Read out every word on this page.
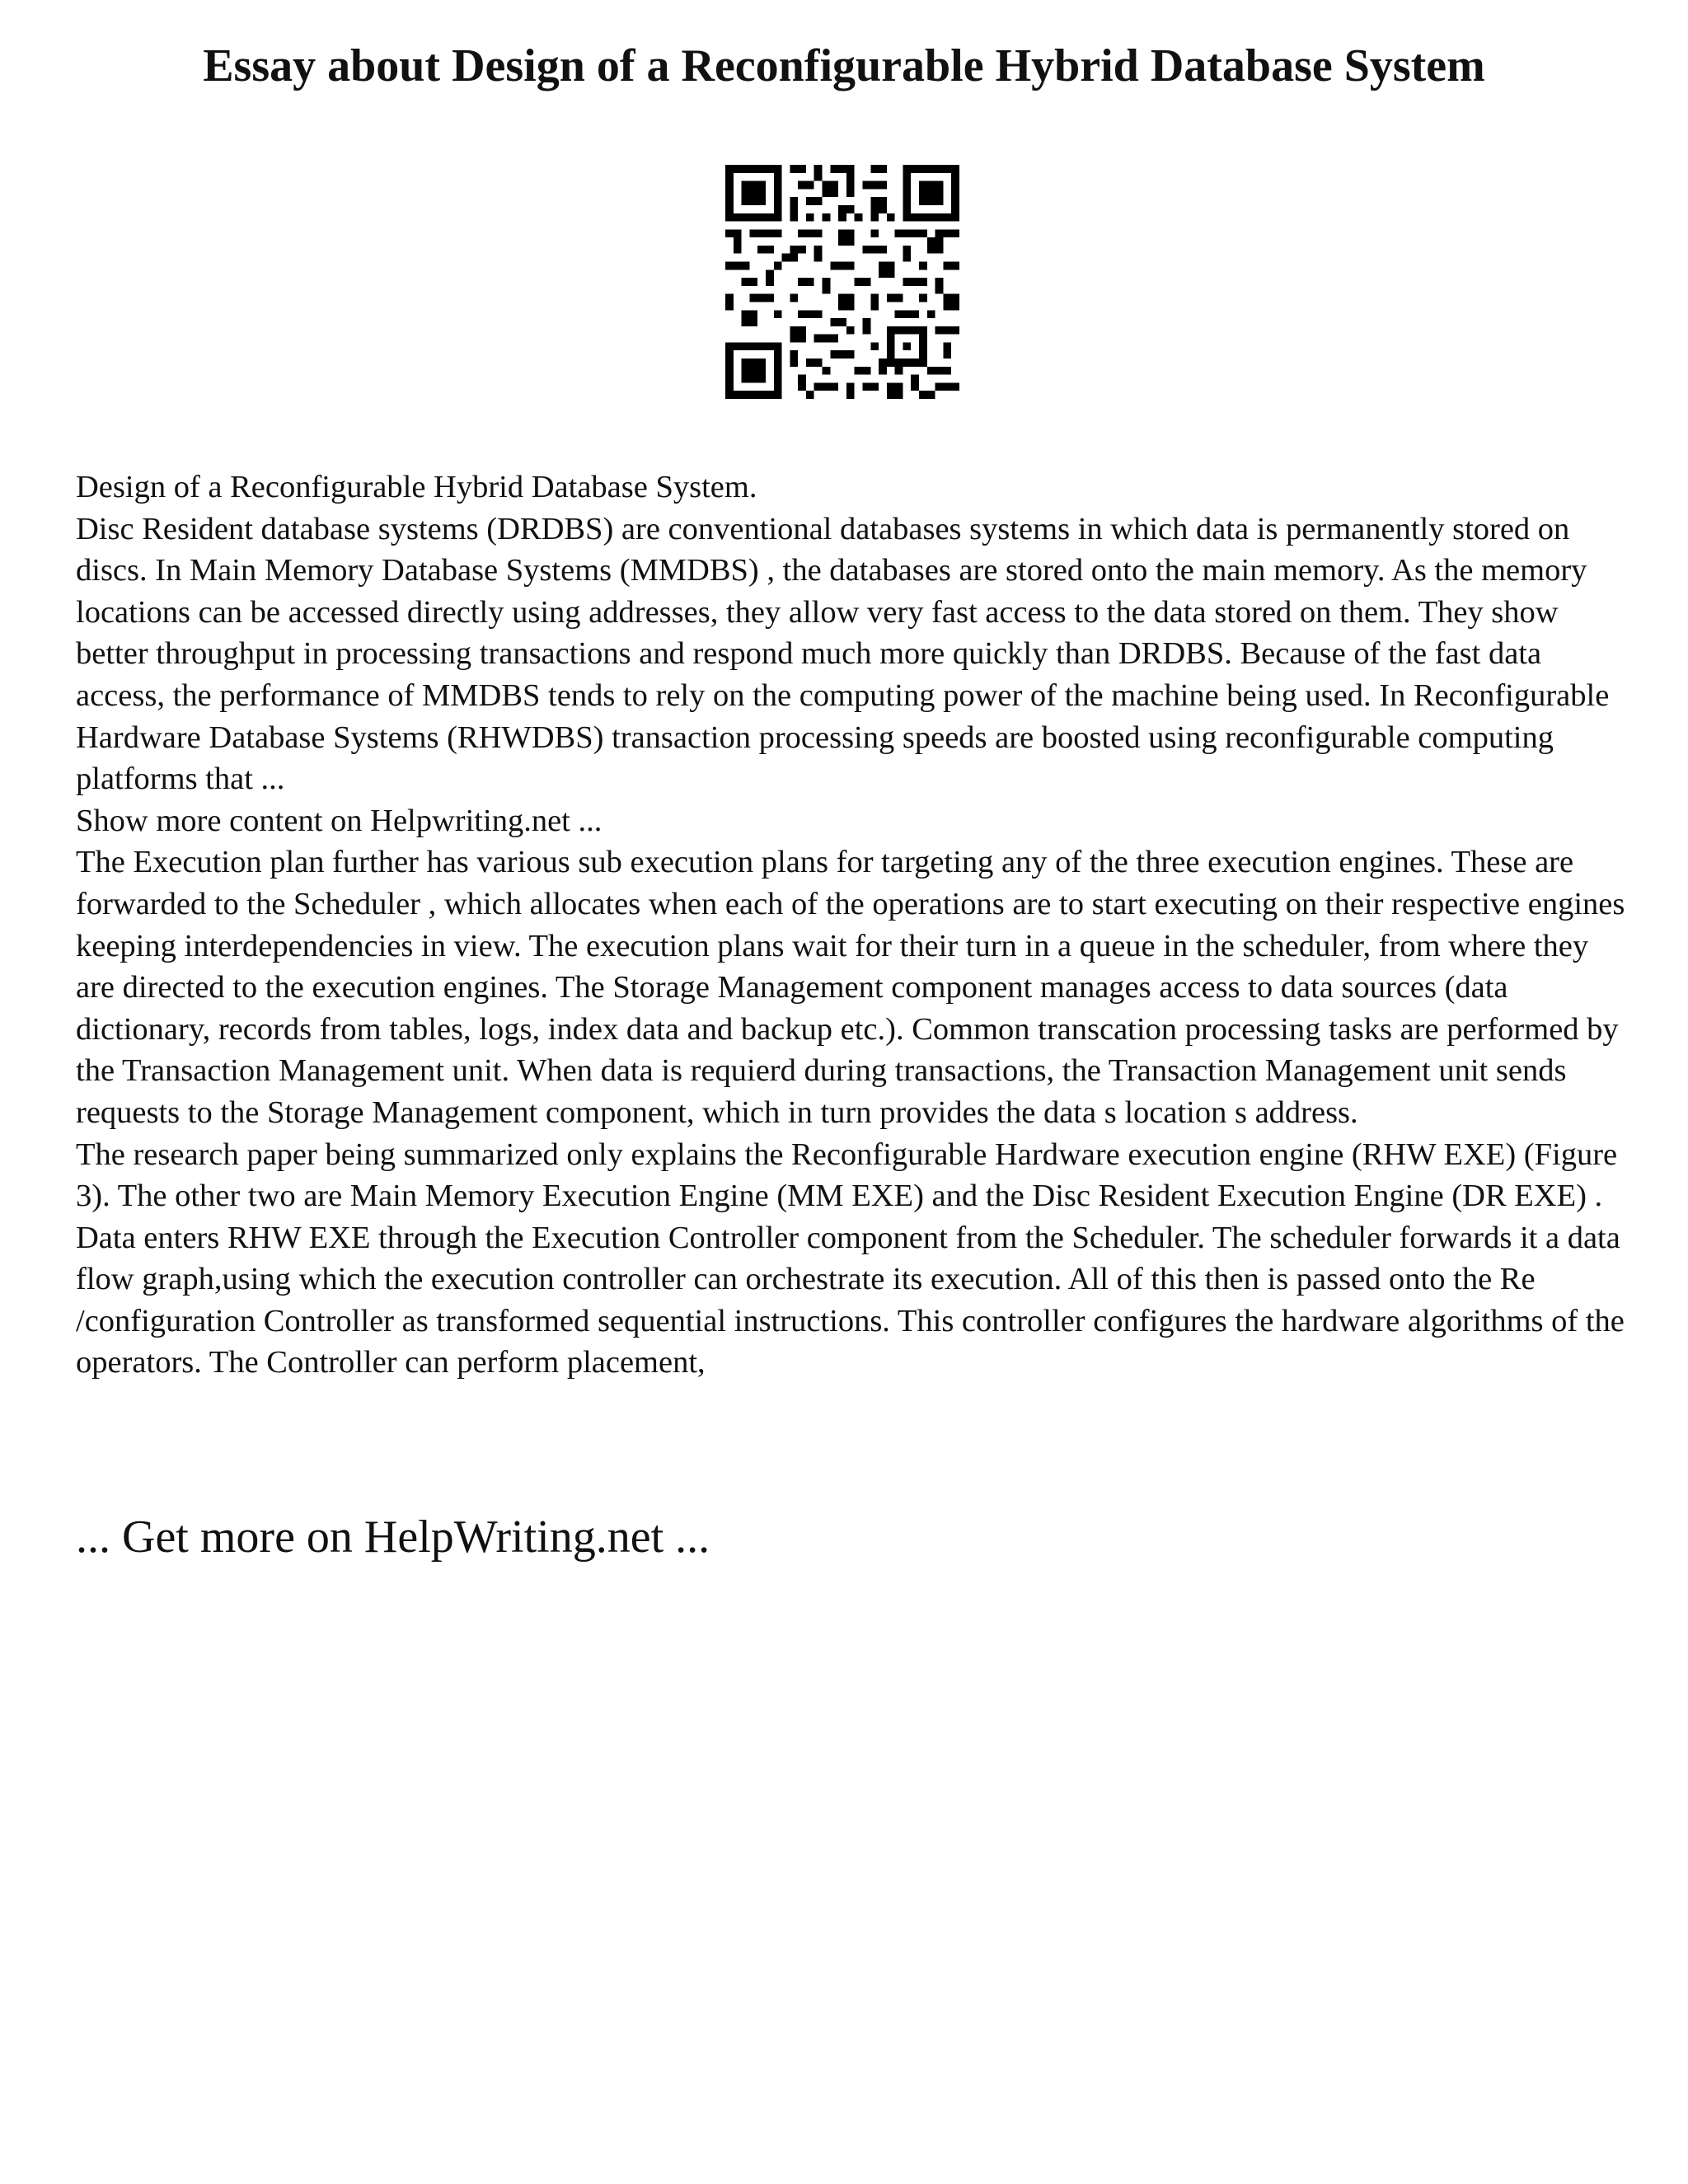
Essay about Design of a Reconfigurable Hybrid Database System

Design of a Reconfigurable Hybrid Database System.

Disc Resident database systems (DRDBS) are conventional databases systems in which data is permanently stored on discs. In Main Memory Database Systems (MMDBS) , the databases are stored onto the main memory. As the memory locations can be accessed directly using addresses, they allow very fast access to the data stored on them. They show better throughput in processing transactions and respond much more quickly than DRDBS. Because of the fast data access, the performance of MMDBS tends to rely on the computing power of the machine being used. In Reconfigurable Hardware Database Systems (RHWDBS) transaction processing speeds are boosted using reconfigurable computing platforms that ...

Show more content on Helpwriting.net ...

The Execution plan further has various sub execution plans for targeting any of the three execution engines. These are forwarded to the Scheduler , which allocates when each of the operations are to start executing on their respective engines keeping interdependencies in view. The execution plans wait for their turn in a queue in the scheduler, from where they are directed to the execution engines. The Storage Management component manages access to data sources (data dictionary, records from tables, logs, index data and backup etc.). Common transcation processing tasks are performed by the Transaction Management unit. When data is requierd during transactions, the Transaction Management unit sends requests to the Storage Management component, which in turn provides the data s location s address.

The research paper being summarized only explains the Reconfigurable Hardware execution engine (RHW EXE) (Figure 3). The other two are Main Memory Execution Engine (MM EXE) and the Disc Resident Execution Engine (DR EXE) .

Data enters RHW EXE through the Execution Controller component from the Scheduler. The scheduler forwards it a data flow graph,using which the execution controller can orchestrate its execution. All of this then is passed onto the Re /configuration Controller as transformed sequential instructions. This controller configures the hardware algorithms of the operators. The Controller can perform placement,

... Get more on HelpWriting.net ...
